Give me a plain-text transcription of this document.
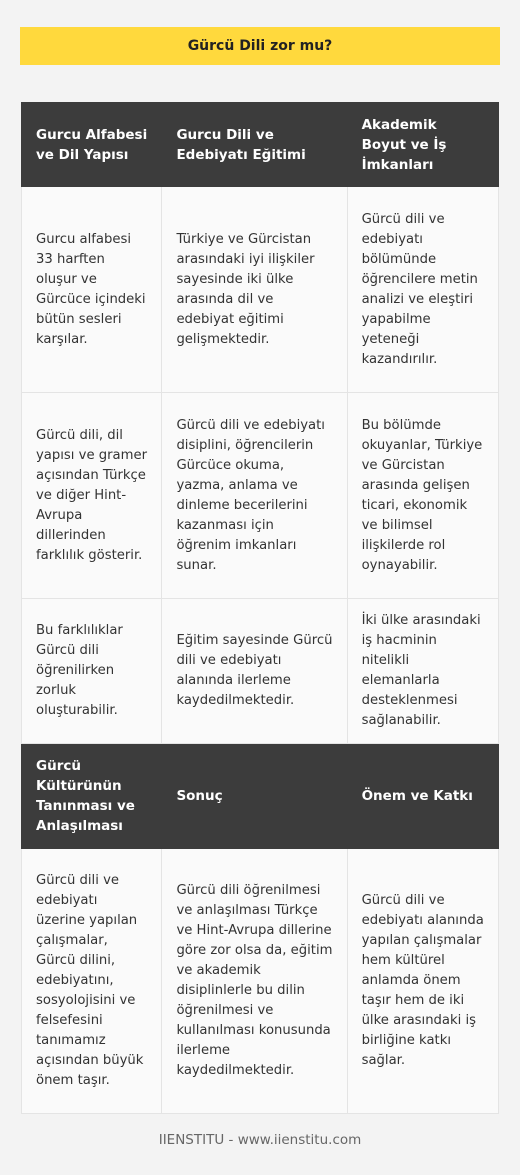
Gürcü Dili zor mu?
Gurcu Alfabesi ve Dil Yapısı	Gurcu Dili ve Edebiyatı Eğitimi	Akademik Boyut ve İş İmkanları
Gurcu alfabesi 33 harften oluşur ve Gürcüce içindeki bütün sesleri karşılar.	Türkiye ve Gürcistan arasındaki iyi ilişkiler sayesinde iki ülke arasında dil ve edebiyat eğitimi gelişmektedir.	Gürcü dili ve edebiyatı bölümünde öğrencilere metin analizi ve eleştiri yapabilme yeteneği kazandırılır.
Gürcü dili, dil yapısı ve gramer açısından Türkçe ve diğer Hint-Avrupa dillerinden farklılık gösterir.	Gürcü dili ve edebiyatı disiplini, öğrencilerin Gürcüce okuma, yazma, anlama ve dinleme becerilerini kazanması için öğrenim imkanları sunar.	Bu bölümde okuyanlar, Türkiye ve Gürcistan arasında gelişen ticari, ekonomik ve bilimsel ilişkilerde rol oynayabilir.
Bu farklılıklar Gürcü dili öğrenilirken zorluk oluşturabilir.	Eğitim sayesinde Gürcü dili ve edebiyatı alanında ilerleme kaydedilmektedir.	İki ülke arasındaki iş hacminin nitelikli elemanlarla desteklenmesi sağlanabilir.
Gürcü Kültürünün Tanınması ve Anlaşılması	Sonuç	Önem ve Katkı
Gürcü dili ve edebiyatı üzerine yapılan çalışmalar, Gürcü dilini, edebiyatını, sosyolojisini ve felsefesini tanımamız açısından büyük önem taşır.	Gürcü dili öğrenilmesi ve anlaşılması Türkçe ve Hint-Avrupa dillerine göre zor olsa da, eğitim ve akademik disiplinlerle bu dilin öğrenilmesi ve kullanılması konusunda ilerleme kaydedilmektedir.	Gürcü dili ve edebiyatı alanında yapılan çalışmalar hem kültürel anlamda önem taşır hem de iki ülke arasındaki iş birliğine katkı sağlar.
IIENSTITU - www.iienstitu.com
